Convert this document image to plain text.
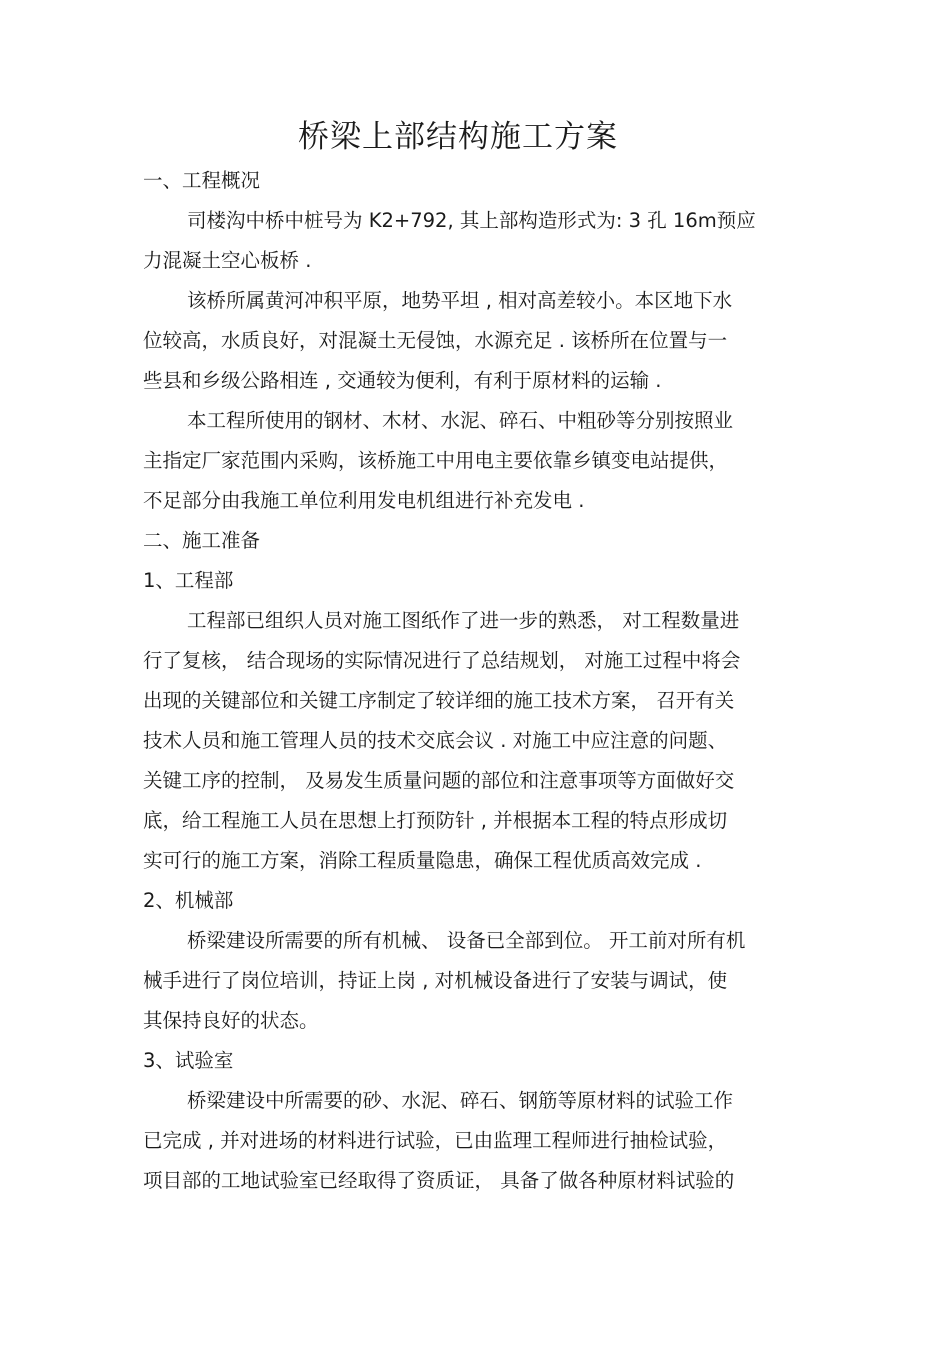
桥梁上部结构施工方案
一、工程概况
司楼沟中桥中桩号为 K2+792, 其上部构造形式为: 3 孔 16m预应
力混凝土空心板桥 .
该桥所属黄河冲积平原，地势平坦 , 相对高差较小。本区地下水
位较高，水质良好，对混凝土无侵蚀，水源充足 . 该桥所在位置与一
些县和乡级公路相连 , 交通较为便利，有利于原材料的运输 .
本工程所使用的钢材、木材、水泥、碎石、中粗砂等分别按照业
主指定厂家范围内采购，该桥施工中用电主要依靠乡镇变电站提供，
不足部分由我施工单位利用发电机组进行补充发电 .
二、施工准备
1、工程部
工程部已组织人员对施工图纸作了进一步的熟悉， 对工程数量进
行了复核， 结合现场的实际情况进行了总结规划， 对施工过程中将会
出现的关键部位和关键工序制定了较详细的施工技术方案， 召开有关
技术人员和施工管理人员的技术交底会议 . 对施工中应注意的问题、
关键工序的控制， 及易发生质量问题的部位和注意事项等方面做好交
底，给工程施工人员在思想上打预防针 , 并根据本工程的特点形成切
实可行的施工方案，消除工程质量隐患，确保工程优质高效完成 .
2、机械部
桥梁建设所需要的所有机械、 设备已全部到位。 开工前对所有机
械手进行了岗位培训，持证上岗 , 对机械设备进行了安装与调试，使
其保持良好的状态。
3、试验室
桥梁建设中所需要的砂、水泥、碎石、钢筋等原材料的试验工作
已完成 , 并对进场的材料进行试验，已由监理工程师进行抽检试验，
项目部的工地试验室已经取得了资质证， 具备了做各种原材料试验的
